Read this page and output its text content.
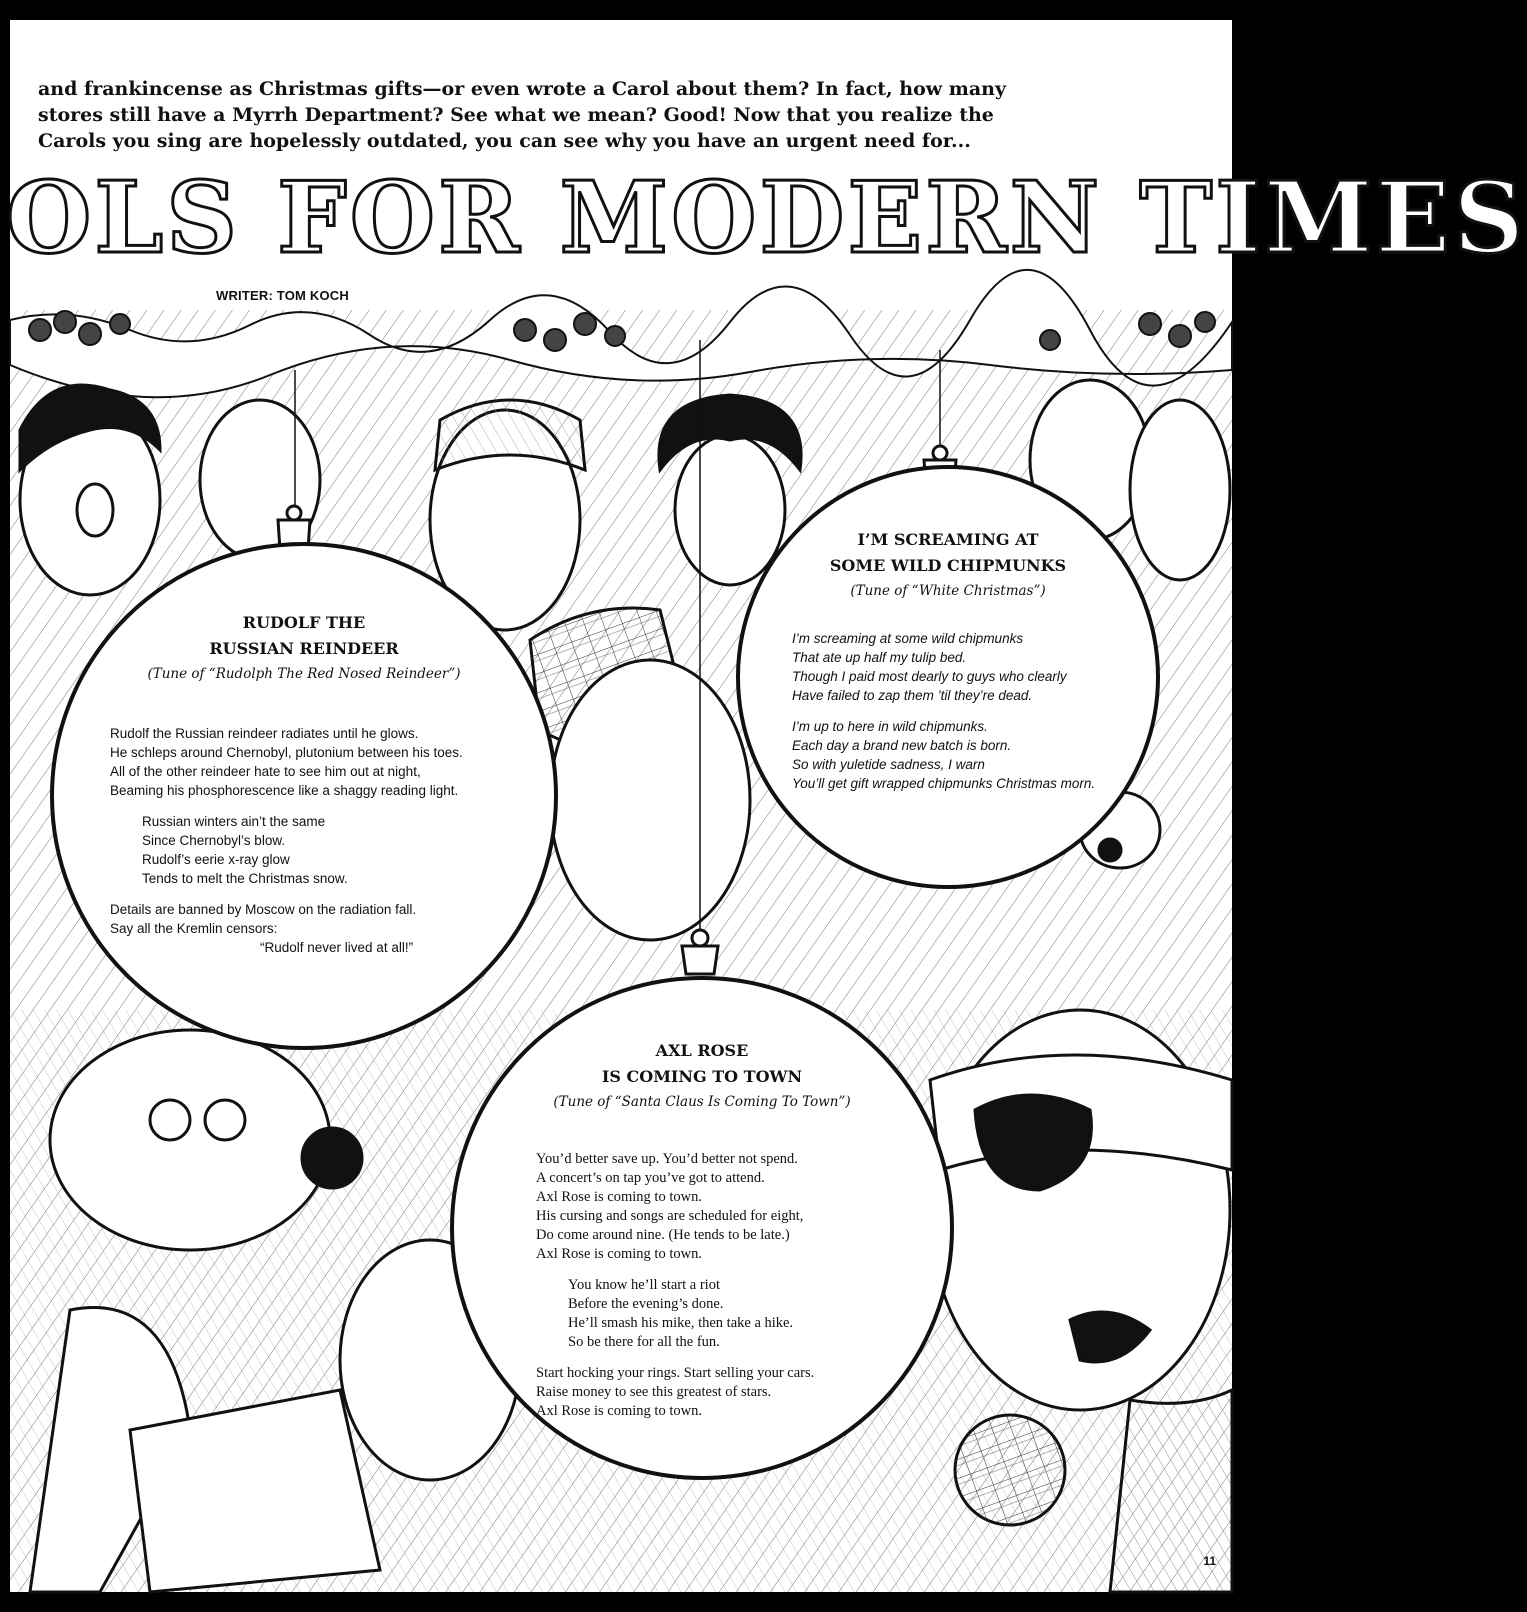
and frankincense as Christmas gifts—or even wrote a Carol about them? In fact, how many
stores still have a Myrrh Department? See what we mean? Good! Now that you realize the
Carols you sing are hopelessly outdated, you can see why you have an urgent need for...
OLS FOR MODERN TIMES
WRITER: TOM KOCH
RUDOLF THE
RUSSIAN REINDEER
(Tune of “Rudolph The Red Nosed Reindeer”)
Rudolf the Russian reindeer radiates until he glows.
He schleps around Chernobyl, plutonium between his toes.
All of the other reindeer hate to see him out at night,
Beaming his phosphorescence like a shaggy reading light.
Russian winters ain’t the same
Since Chernobyl’s blow.
Rudolf’s eerie x-ray glow
Tends to melt the Christmas snow.
Details are banned by Moscow on the radiation fall.
Say all the Kremlin censors:
“Rudolf never lived at all!”
I’M SCREAMING AT
SOME WILD CHIPMUNKS
(Tune of “White Christmas”)
I’m screaming at some wild chipmunks
That ate up half my tulip bed.
Though I paid most dearly to guys who clearly
Have failed to zap them ’til they’re dead.
I’m up to here in wild chipmunks.
Each day a brand new batch is born.
So with yuletide sadness, I warn
You’ll get gift wrapped chipmunks Christmas morn.
AXL ROSE
IS COMING TO TOWN
(Tune of “Santa Claus Is Coming To Town”)
You’d better save up. You’d better not spend.
A concert’s on tap you’ve got to attend.
Axl Rose is coming to town.
His cursing and songs are scheduled for eight,
Do come around nine. (He tends to be late.)
Axl Rose is coming to town.
You know he’ll start a riot
Before the evening’s done.
He’ll smash his mike, then take a hike.
So be there for all the fun.
Start hocking your rings. Start selling your cars.
Raise money to see this greatest of stars.
Axl Rose is coming to town.
11
